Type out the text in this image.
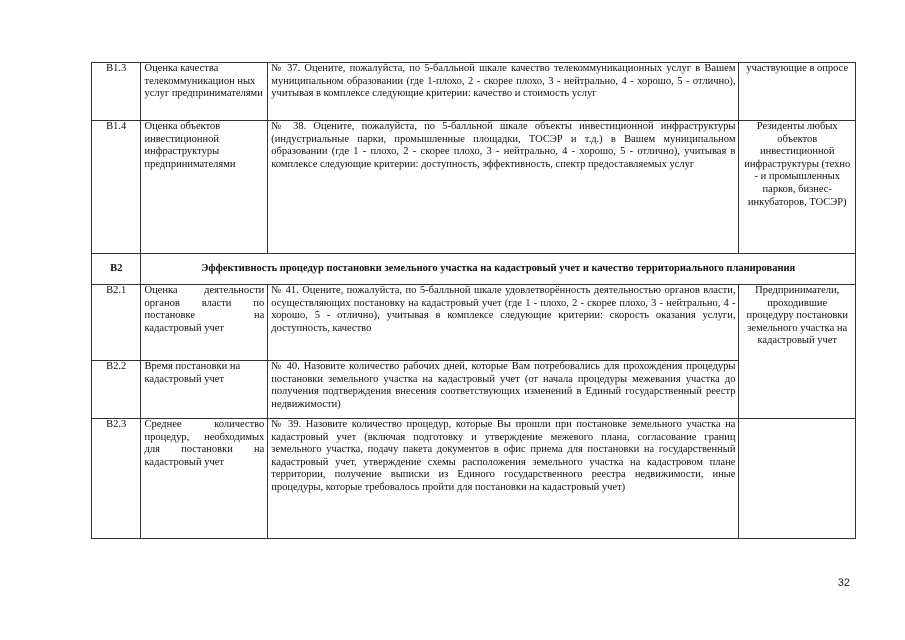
В1.3	Оценка качества телекоммуникацион ных услуг предпринимателями	№ 37. Оцените, пожалуйста, по 5-балльной шкале качество телекоммуникационных услуг в Вашем муниципальном образовании (где 1-плохо, 2 - скорее плохо, 3 - нейтрально, 4 - хорошо, 5 - отлично), учитывая в комплексе следующие критерии: качество и стоимость услуг	участвующие в опросе
В1.4	Оценка объектов инвестиционной инфраструктуры предпринимателями	№ 38. Оцените, пожалуйста, по 5-балльной шкале объекты инвестиционной инфраструктуры (индустриальные парки, промышленные площадки, ТОСЭР и т.д.) в Вашем муниципальном образовании (где 1 - плохо, 2 - скорее плохо, 3 - нейтрально, 4 - хорошо, 5 - отлично), учитывая в комплексе следующие критерии: доступность, эффективность, спектр предоставляемых услуг	Резиденты любых объектов инвестиционной инфраструктуры (техно - и промышленных парков, бизнес-инкубаторов, ТОСЭР)
В2	Эффективность процедур постановки земельного участка на кадастровый учет и качество территориального планирования		
В2.1	Оценка деятельности органов власти по постановке на кадастровый учет	№ 41. Оцените, пожалуйста, по 5-балльной шкале удовлетворённость деятельностью органов власти, осуществляющих постановку на кадастровый учет (где 1 - плохо, 2 - скорее плохо, 3 - нейтрально, 4 - хорошо, 5 - отлично), учитывая в комплексе следующие критерии: скорость оказания услуги, доступность, качество	Предприниматели, проходившие процедуру постановки земельного участка на кадастровый учет
В2.2	Время постановки на кадастровый учет	№ 40. Назовите количество рабочих дней, которые Вам потребовались для прохождения процедуры постановки земельного участка на кадастровый учет (от начала процедуры межевания участка до получения подтверждения внесения соответствующих изменений в Единый государственный реестр недвижимости)	
В2.3	Среднее количество процедур, необходимых для постановки на кадастровый учет	№ 39. Назовите количество процедур, которые Вы прошли при постановке земельного участка на кадастровый учет (включая подготовку и утверждение межевого плана, согласование границ земельного участка, подачу пакета документов в офис приема для постановки на государственный кадастровый учет, утверждение схемы расположения земельного участка на кадастровом плане территории, получение выписки из Единого государственного реестра недвижимости, иные процедуры, которые требовалось пройти для постановки на кадастровый учет)	
32
